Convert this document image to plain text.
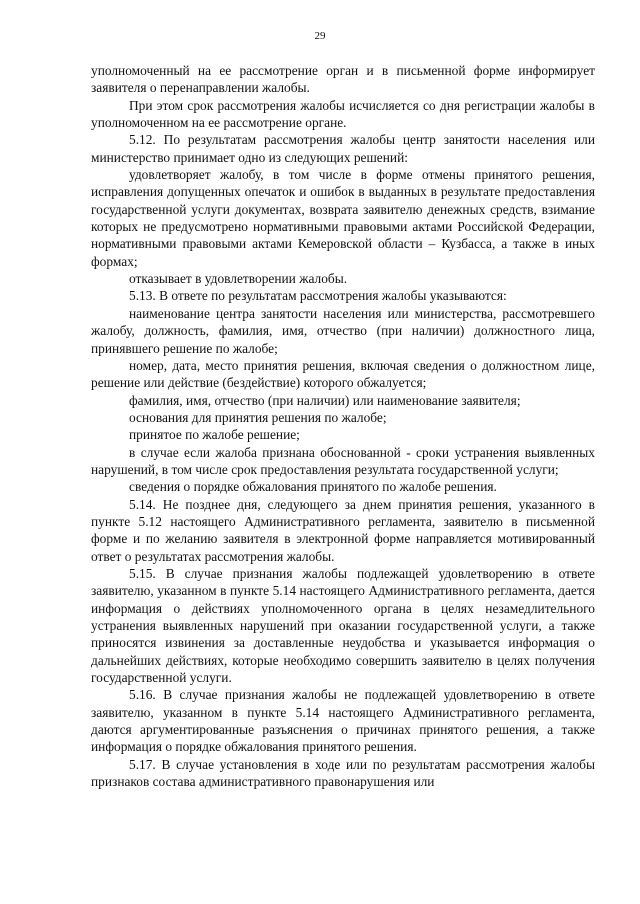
29

уполномоченный на ее рассмотрение орган и в письменной форме информирует заявителя о перенаправлении жалобы.

При этом срок рассмотрения жалобы исчисляется со дня регистрации жалобы в уполномоченном на ее рассмотрение органе.

5.12. По результатам рассмотрения жалобы центр занятости населения или министерство принимает одно из следующих решений:

удовлетворяет жалобу, в том числе в форме отмены принятого решения, исправления допущенных опечаток и ошибок в выданных в результате предоставления государственной услуги документах, возврата заявителю денежных средств, взимание которых не предусмотрено нормативными правовыми актами Российской Федерации, нормативными правовыми актами Кемеровской области – Кузбасса, а также в иных формах;

отказывает в удовлетворении жалобы.

5.13. В ответе по результатам рассмотрения жалобы указываются:

наименование центра занятости населения или министерства, рассмотревшего жалобу, должность, фамилия, имя, отчество (при наличии) должностного лица, принявшего решение по жалобе;

номер, дата, место принятия решения, включая сведения о должностном лице, решение или действие (бездействие) которого обжалуется;

фамилия, имя, отчество (при наличии) или наименование заявителя;

основания для принятия решения по жалобе;

принятое по жалобе решение;

в случае если жалоба признана обоснованной - сроки устранения выявленных нарушений, в том числе срок предоставления результата государственной услуги;

сведения о порядке обжалования принятого по жалобе решения.

5.14. Не позднее дня, следующего за днем принятия решения, указанного в пункте 5.12 настоящего Административного регламента, заявителю в письменной форме и по желанию заявителя в электронной форме направляется мотивированный ответ о результатах рассмотрения жалобы.

5.15. В случае признания жалобы подлежащей удовлетворению в ответе заявителю, указанном в пункте 5.14 настоящего Административного регламента, дается информация о действиях уполномоченного органа в целях незамедлительного устранения выявленных нарушений при оказании государственной услуги, а также приносятся извинения за доставленные неудобства и указывается информация о дальнейших действиях, которые необходимо совершить заявителю в целях получения государственной услуги.

5.16. В случае признания жалобы не подлежащей удовлетворению в ответе заявителю, указанном в пункте 5.14 настоящего Административного регламента, даются аргументированные разъяснения о причинах принятого решения, а также информация о порядке обжалования принятого решения.

5.17. В случае установления в ходе или по результатам рассмотрения жалобы признаков состава административного правонарушения или
